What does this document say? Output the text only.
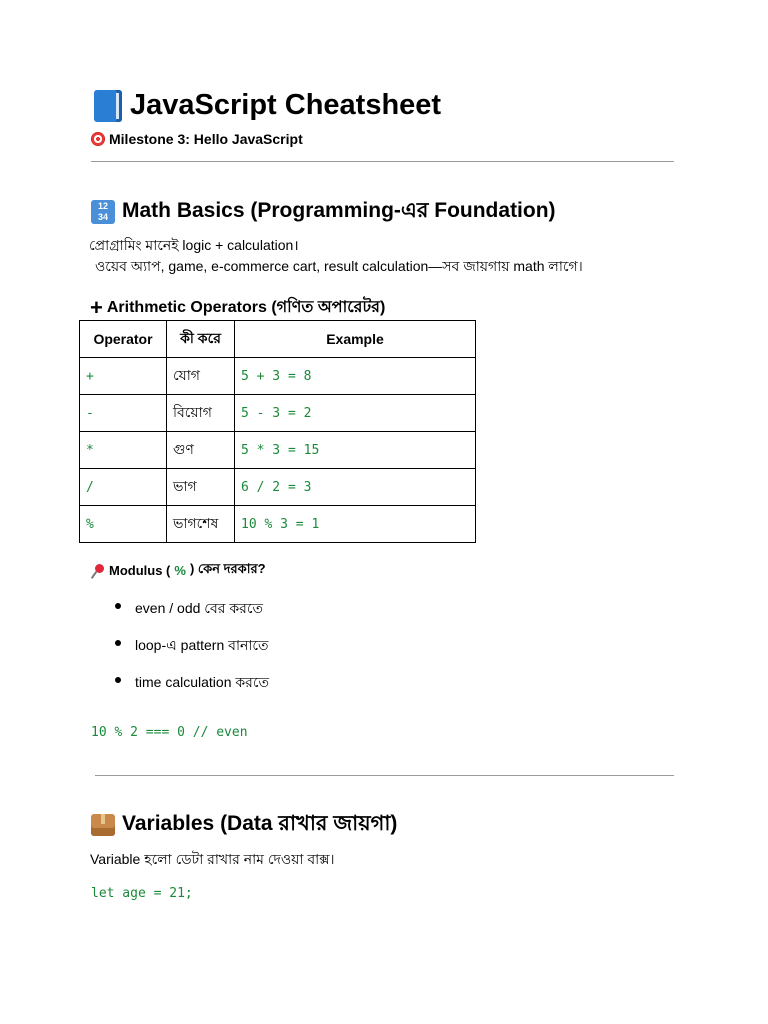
JavaScript Cheatsheet
Milestone 3: Hello JavaScript
12
34 Math Basics (Programming-এর Foundation)
প্রোগ্রামিং মানেই logic + calculation।
ওয়েব অ্যাপ, game, e-commerce cart, result calculation—সব জায়গায় math লাগে।
+ Arithmetic Operators (গণিত অপারেটর)
Operator	কী করে	Example
+	যোগ	5 + 3 = 8
-	বিয়োগ	5 - 3 = 2
*	গুণ	5 * 3 = 15
/	ভাগ	6 / 2 = 3
%	ভাগশেষ	10 % 3 = 1
Modulus ( % ) কেন দরকার?
even / odd বের করতে
loop-এ pattern বানাতে
time calculation করতে
10 % 2 === 0 // even
Variables (Data রাখার জায়গা)
Variable হলো ডেটা রাখার নাম দেওয়া বাক্স।
let age = 21;
